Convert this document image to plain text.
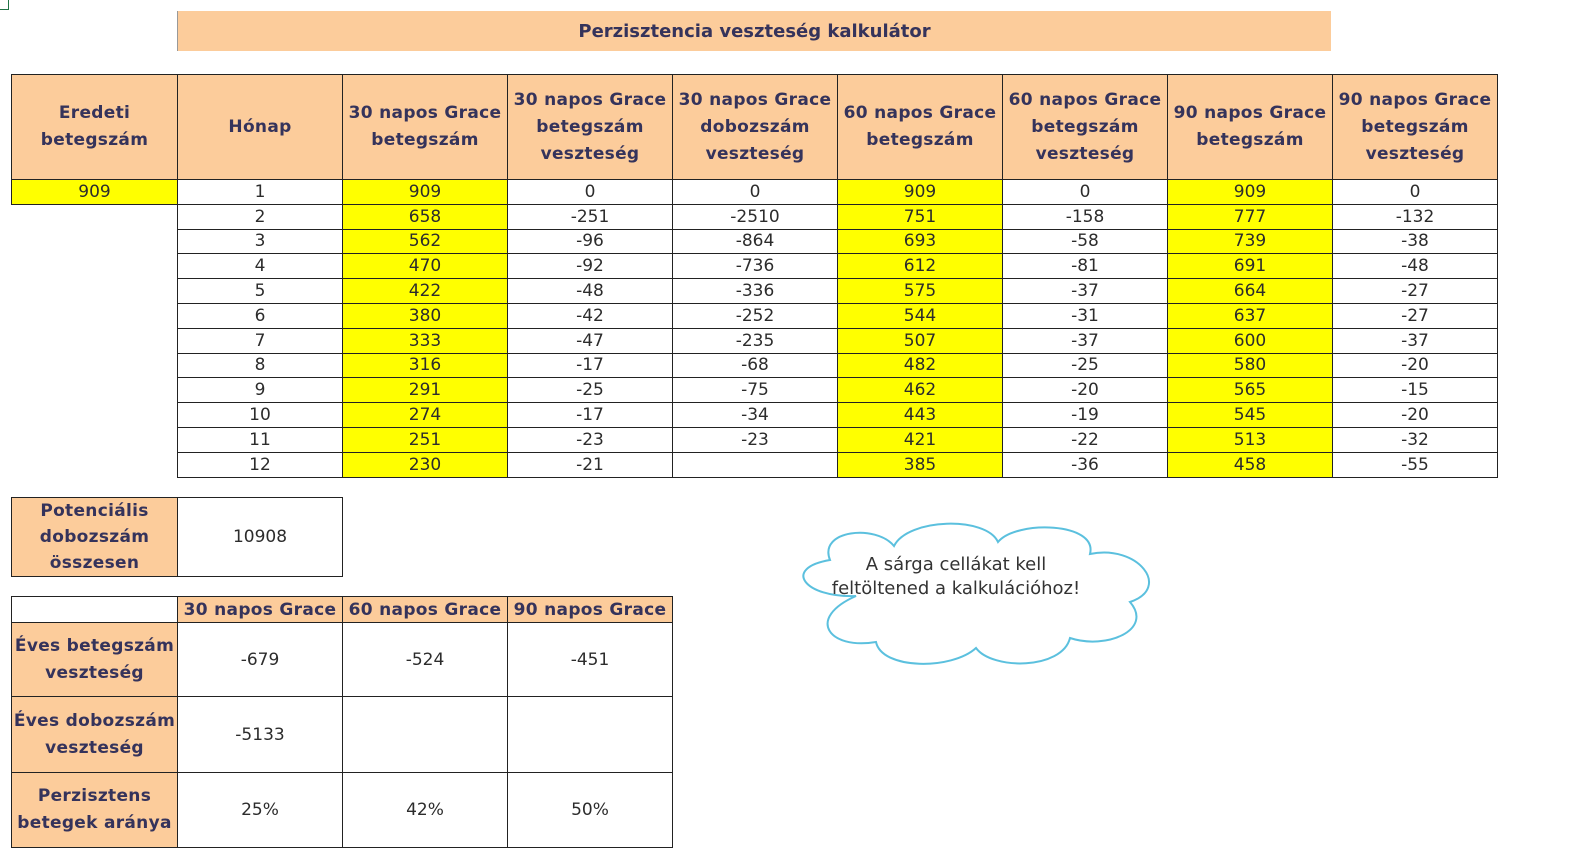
Perzisztencia veszteség kalkulátor
Eredeti betegszám	Hónap	30 napos Grace betegszám	30 napos Grace betegszám veszteség	30 napos Grace dobozszám veszteség	60 napos Grace betegszám	60 napos Grace betegszám veszteség	90 napos Grace betegszám	90 napos Grace betegszám veszteség
909	1	909	0	0	909	0	909	0
	2	658	-251	-2510	751	-158	777	-132
	3	562	-96	-864	693	-58	739	-38
	4	470	-92	-736	612	-81	691	-48
	5	422	-48	-336	575	-37	664	-27
	6	380	-42	-252	544	-31	637	-27
	7	333	-47	-235	507	-37	600	-37
	8	316	-17	-68	482	-25	580	-20
	9	291	-25	-75	462	-20	565	-15
	10	274	-17	-34	443	-19	545	-20
	11	251	-23	-23	421	-22	513	-32
	12	230	-21		385	-36	458	-55
Potenciális dobozszám összesen	10908
	30 napos Grace	60 napos Grace	90 napos Grace
Éves betegszám veszteség	-679	-524	-451
Éves dobozszám veszteség	-5133		
Perzisztens betegek aránya	25%	42%	50%
A sárga cellákat kell feltöltened a kalkulációhoz!
